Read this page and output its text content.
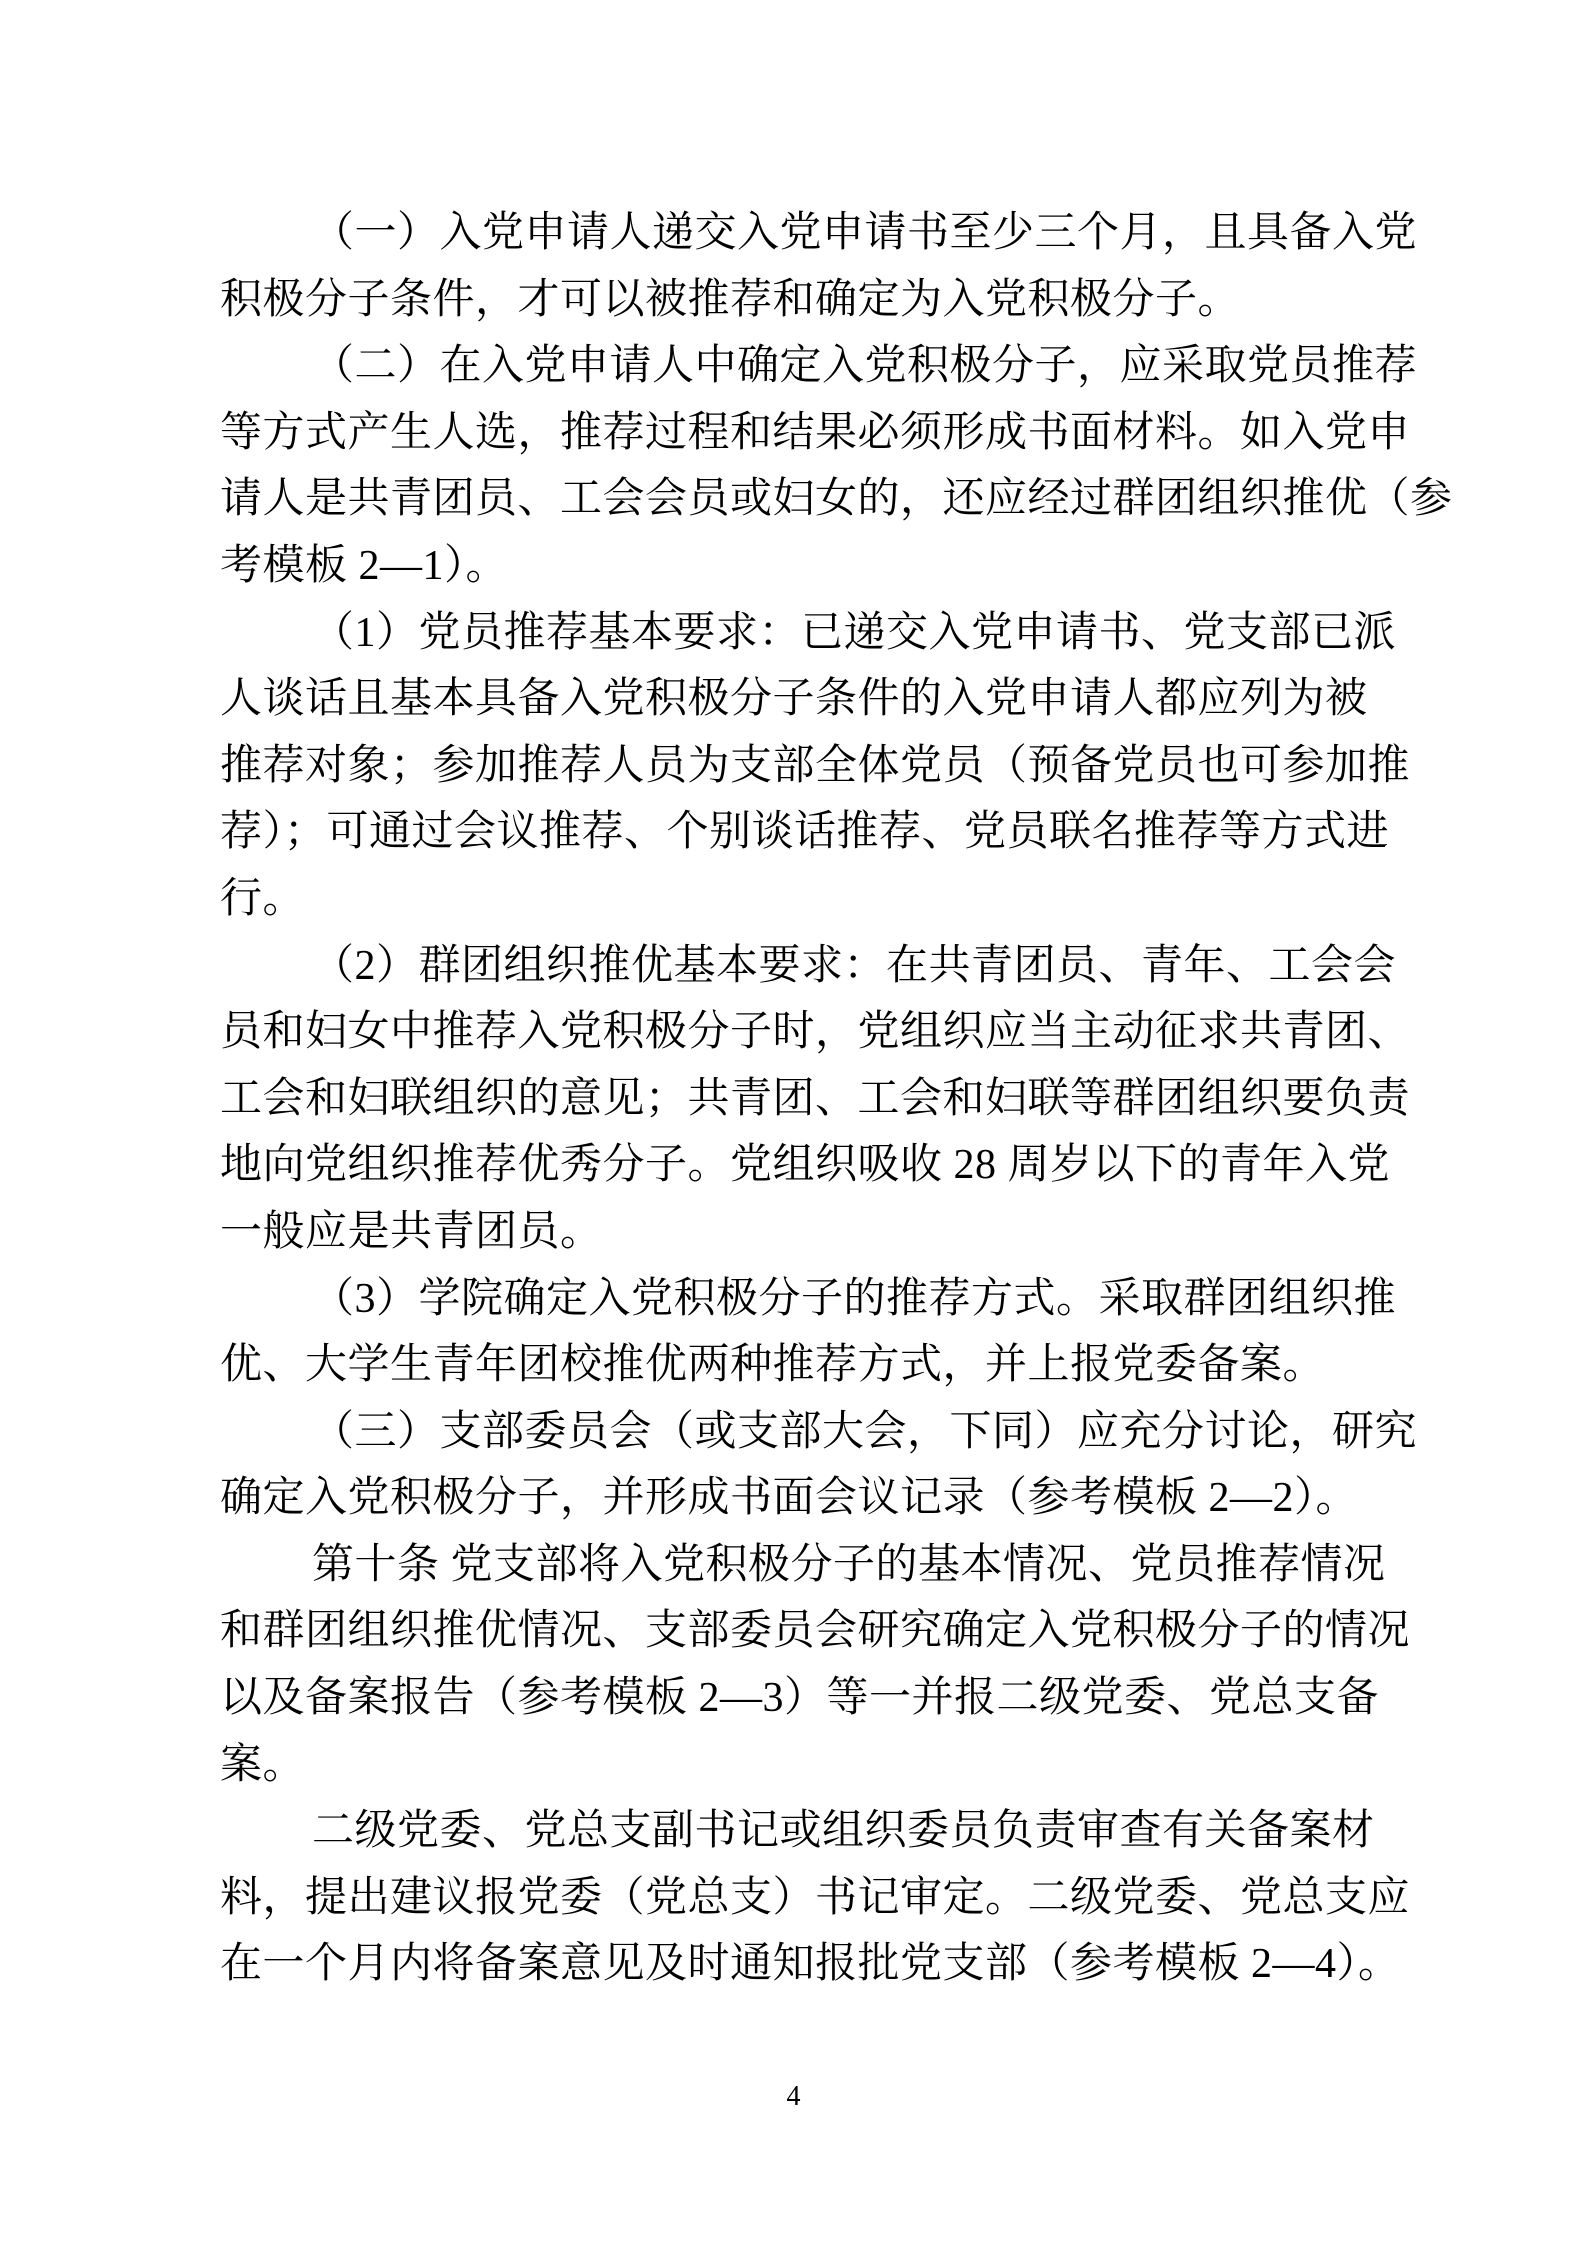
（一）入党申请人递交入党申请书至少三个月，且具备入党
积极分子条件，才可以被推荐和确定为入党积极分子。
（二）在入党申请人中确定入党积极分子，应采取党员推荐
等方式产生人选，推荐过程和结果必须形成书面材料。如入党申
请人是共青团员、工会会员或妇女的，还应经过群团组织推优（参
考模板 2—1）。
（1）党员推荐基本要求：已递交入党申请书、党支部已派
人谈话且基本具备入党积极分子条件的入党申请人都应列为被
推荐对象；参加推荐人员为支部全体党员（预备党员也可参加推
荐）；可通过会议推荐、个别谈话推荐、党员联名推荐等方式进
行。
（2）群团组织推优基本要求：在共青团员、青年、工会会
员和妇女中推荐入党积极分子时，党组织应当主动征求共青团、
工会和妇联组织的意见；共青团、工会和妇联等群团组织要负责
地向党组织推荐优秀分子。党组织吸收 28 周岁以下的青年入党
一般应是共青团员。
（3）学院确定入党积极分子的推荐方式。采取群团组织推
优、大学生青年团校推优两种推荐方式，并上报党委备案。
（三）支部委员会（或支部大会，下同）应充分讨论，研究
确定入党积极分子，并形成书面会议记录（参考模板 2—2）。
第十条 党支部将入党积极分子的基本情况、党员推荐情况
和群团组织推优情况、支部委员会研究确定入党积极分子的情况
以及备案报告（参考模板 2—3）等一并报二级党委、党总支备
案。
二级党委、党总支副书记或组织委员负责审查有关备案材
料，提出建议报党委（党总支）书记审定。二级党委、党总支应
在一个月内将备案意见及时通知报批党支部（参考模板 2—4）。
4
